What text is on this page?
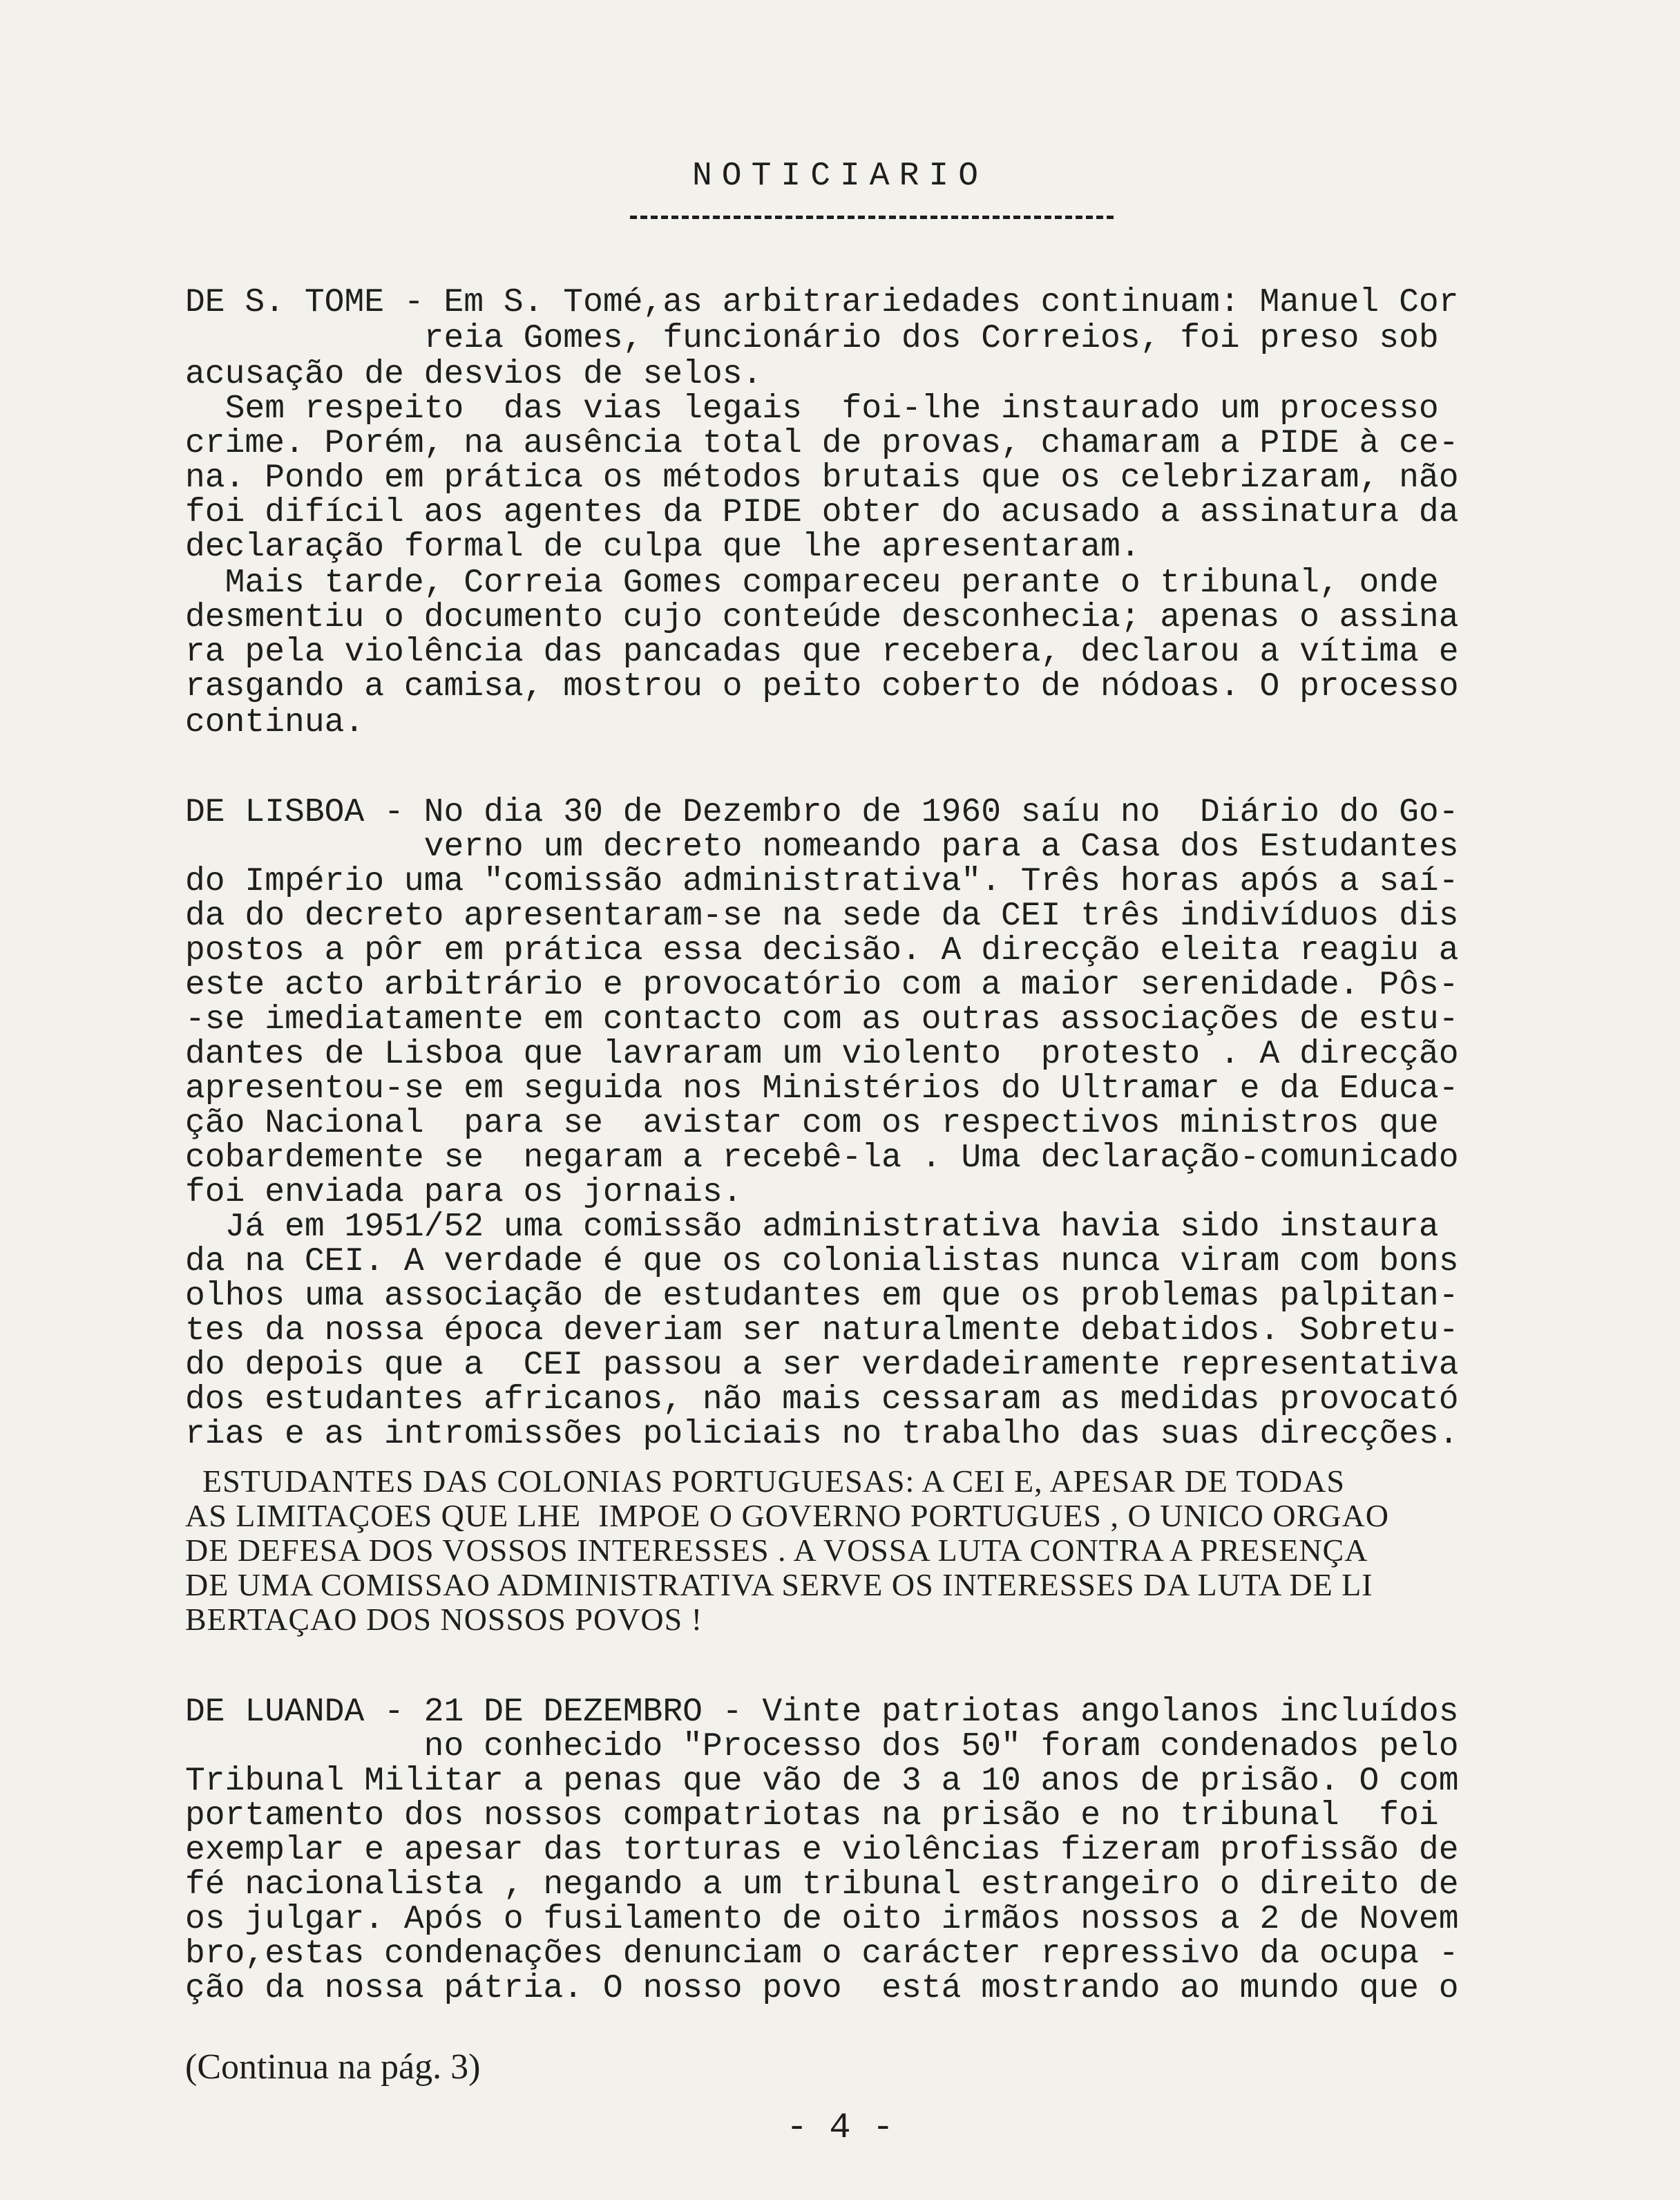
NOTICIARIO
DE S. TOME - Em S. Tomé,as arbitrariedades continuam: Manuel Cor
reia Gomes, funcionário dos Correios, foi preso sob
acusação de desvios de selos.
Sem respeito  das vias legais  foi-lhe instaurado um processo
crime. Porém, na ausência total de provas, chamaram a PIDE à ce-
na. Pondo em prática os métodos brutais que os celebrizaram, não
foi difícil aos agentes da PIDE obter do acusado a assinatura da
declaração formal de culpa que lhe apresentaram.
Mais tarde, Correia Gomes compareceu perante o tribunal, onde
desmentiu o documento cujo conteúde desconhecia; apenas o assina
ra pela violência das pancadas que recebera, declarou a vítima e
rasgando a camisa, mostrou o peito coberto de nódoas. O processo
continua.
DE LISBOA - No dia 30 de Dezembro de 1960 saíu no  Diário do Go-
verno um decreto nomeando para a Casa dos Estudantes
do Império uma "comissão administrativa". Três horas após a saí-
da do decreto apresentaram-se na sede da CEI três indivíduos dis
postos a pôr em prática essa decisão. A direcção eleita reagiu a
este acto arbitrário e provocatório com a maior serenidade. Pôs-
-se imediatamente em contacto com as outras associações de estu-
dantes de Lisboa que lavraram um violento  protesto . A direcção
apresentou-se em seguida nos Ministérios do Ultramar e da Educa-
ção Nacional  para se  avistar com os respectivos ministros que
cobardemente se  negaram a recebê-la . Uma declaração-comunicado
foi enviada para os jornais.
Já em 1951/52 uma comissão administrativa havia sido instaura
da na CEI. A verdade é que os colonialistas nunca viram com bons
olhos uma associação de estudantes em que os problemas palpitan-
tes da nossa época deveriam ser naturalmente debatidos. Sobretu-
do depois que a  CEI passou a ser verdadeiramente representativa
dos estudantes africanos, não mais cessaram as medidas provocató
rias e as intromissões policiais no trabalho das suas direcções.
ESTUDANTES DAS COLONIAS PORTUGUESAS: A CEI E, APESAR DE TODAS
AS LIMITAÇOES QUE LHE  IMPOE O GOVERNO PORTUGUES , O UNICO ORGAO
DE DEFESA DOS VOSSOS INTERESSES . A VOSSA LUTA CONTRA A PRESENÇA
DE UMA COMISSAO ADMINISTRATIVA SERVE OS INTERESSES DA LUTA DE LI
BERTAÇAO DOS NOSSOS POVOS !
DE LUANDA - 21 DE DEZEMBRO - Vinte patriotas angolanos incluídos
no conhecido "Processo dos 50" foram condenados pelo
Tribunal Militar a penas que vão de 3 a 10 anos de prisão. O com
portamento dos nossos compatriotas na prisão e no tribunal  foi
exemplar e apesar das torturas e violências fizeram profissão de
fé nacionalista , negando a um tribunal estrangeiro o direito de
os julgar. Após o fusilamento de oito irmãos nossos a 2 de Novem
bro,estas condenações denunciam o carácter repressivo da ocupa -
ção da nossa pátria. O nosso povo  está mostrando ao mundo que o
(Continua na pág. 3)
- 4 -
